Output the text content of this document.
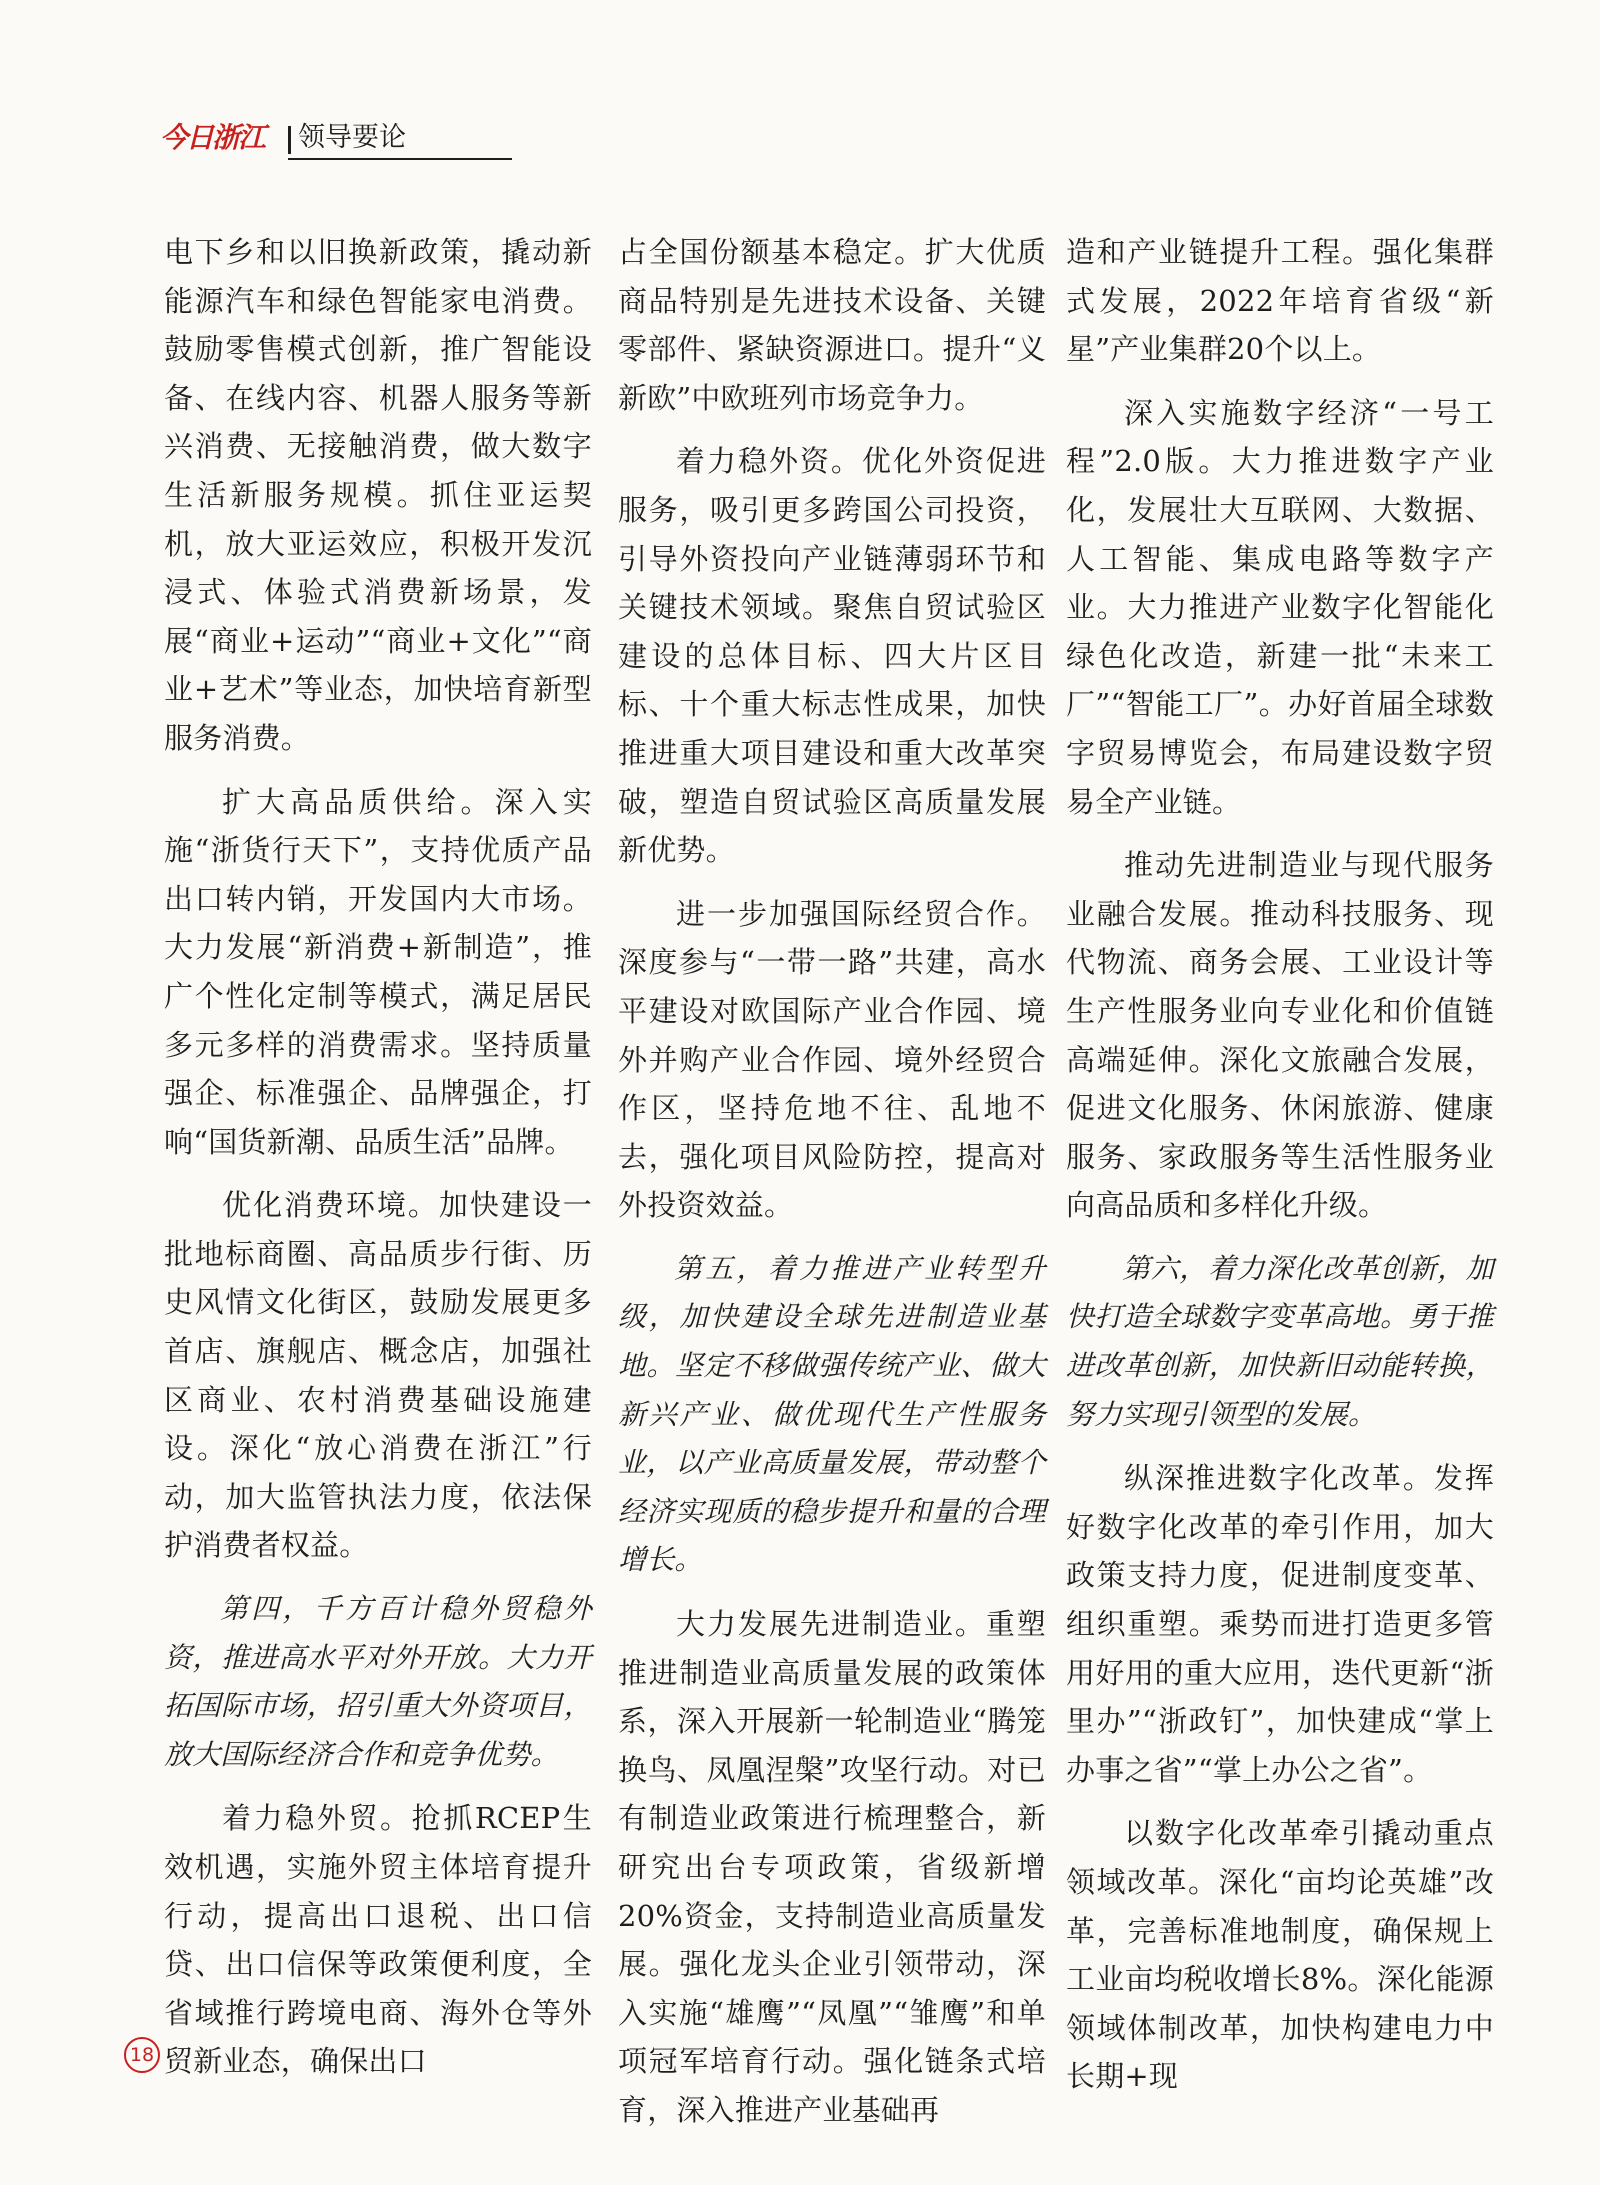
今日浙江 领导要论

电下乡和以旧换新政策，撬动新能源汽车和绿色智能家电消费。鼓励零售模式创新，推广智能设备、在线内容、机器人服务等新兴消费、无接触消费，做大数字生活新服务规模。抓住亚运契机，放大亚运效应，积极开发沉浸式、体验式消费新场景，发展“商业+运动”“商业+文化”“商业+艺术”等业态，加快培育新型服务消费。

扩大高品质供给。深入实施“浙货行天下”，支持优质产品出口转内销，开发国内大市场。大力发展“新消费+新制造”，推广个性化定制等模式，满足居民多元多样的消费需求。坚持质量强企、标准强企、品牌强企，打响“国货新潮、品质生活”品牌。

优化消费环境。加快建设一批地标商圈、高品质步行街、历史风情文化街区，鼓励发展更多首店、旗舰店、概念店，加强社区商业、农村消费基础设施建设。深化“放心消费在浙江”行动，加大监管执法力度，依法保护消费者权益。

第四，千方百计稳外贸稳外资，推进高水平对外开放。大力开拓国际市场，招引重大外资项目，放大国际经济合作和竞争优势。

着力稳外贸。抢抓RCEP生效机遇，实施外贸主体培育提升行动，提高出口退税、出口信贷、出口信保等政策便利度，全省域推行跨境电商、海外仓等外贸新业态，确保出口

占全国份额基本稳定。扩大优质商品特别是先进技术设备、关键零部件、紧缺资源进口。提升“义新欧”中欧班列市场竞争力。

着力稳外资。优化外资促进服务，吸引更多跨国公司投资，引导外资投向产业链薄弱环节和关键技术领域。聚焦自贸试验区建设的总体目标、四大片区目标、十个重大标志性成果，加快推进重大项目建设和重大改革突破，塑造自贸试验区高质量发展新优势。

进一步加强国际经贸合作。深度参与“一带一路”共建，高水平建设对欧国际产业合作园、境外并购产业合作园、境外经贸合作区，坚持危地不往、乱地不去，强化项目风险防控，提高对外投资效益。

第五，着力推进产业转型升级，加快建设全球先进制造业基地。坚定不移做强传统产业、做大新兴产业、做优现代生产性服务业，以产业高质量发展，带动整个经济实现质的稳步提升和量的合理增长。

大力发展先进制造业。重塑推进制造业高质量发展的政策体系，深入开展新一轮制造业“腾笼换鸟、凤凰涅槃”攻坚行动。对已有制造业政策进行梳理整合，新研究出台专项政策，省级新增20%资金，支持制造业高质量发展。强化龙头企业引领带动，深入实施“雄鹰”“凤凰”“雏鹰”和单项冠军培育行动。强化链条式培育，深入推进产业基础再

造和产业链提升工程。强化集群式发展，2022年培育省级“新星”产业集群20个以上。

深入实施数字经济“一号工程”2.0版。大力推进数字产业化，发展壮大互联网、大数据、人工智能、集成电路等数字产业。大力推进产业数字化智能化绿色化改造，新建一批“未来工厂”“智能工厂”。办好首届全球数字贸易博览会，布局建设数字贸易全产业链。

推动先进制造业与现代服务业融合发展。推动科技服务、现代物流、商务会展、工业设计等生产性服务业向专业化和价值链高端延伸。深化文旅融合发展，促进文化服务、休闲旅游、健康服务、家政服务等生活性服务业向高品质和多样化升级。

第六，着力深化改革创新，加快打造全球数字变革高地。勇于推进改革创新，加快新旧动能转换，努力实现引领型的发展。

纵深推进数字化改革。发挥好数字化改革的牵引作用，加大政策支持力度，促进制度变革、组织重塑。乘势而进打造更多管用好用的重大应用，迭代更新“浙里办”“浙政钉”，加快建成“掌上办事之省”“掌上办公之省”。

以数字化改革牵引撬动重点领域改革。深化“亩均论英雄”改革，完善标准地制度，确保规上工业亩均税收增长8%。深化能源领域体制改革，加快构建电力中长期+现

18
